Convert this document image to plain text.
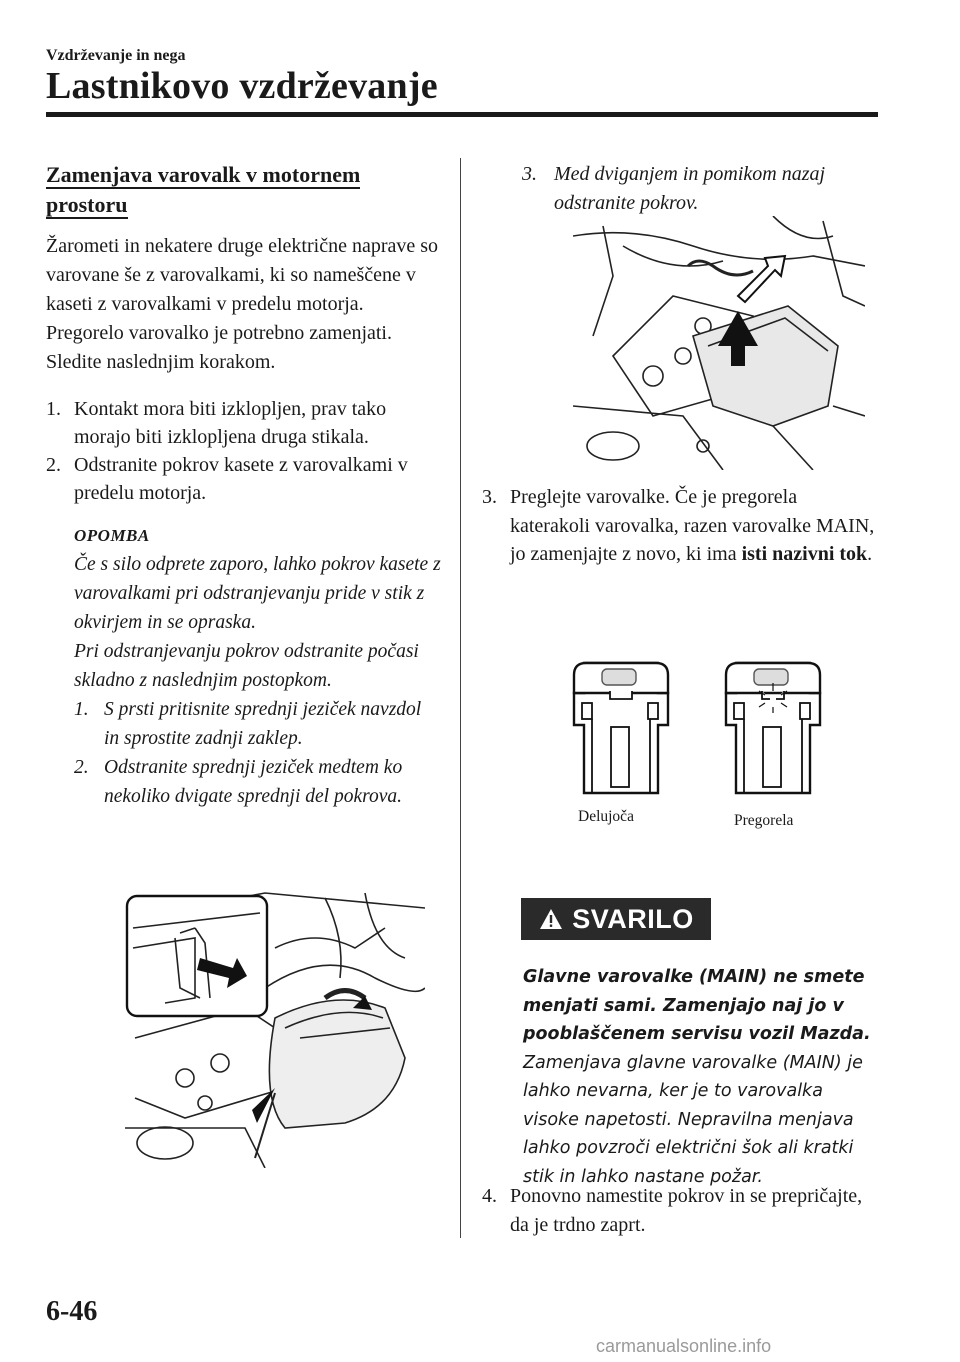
Vzdrževanje in nega
Lastnikovo vzdrževanje
Zamenjava varovalk v motornem
prostoru

Žarometi in nekatere druge električne naprave so varovane še z varovalkami, ki so nameščene v kaseti z varovalkami v predelu motorja. Pregorelo varovalko je potrebno zamenjati. Sledite naslednjim korakom.

1. Kontakt mora biti izklopljen, prav tako morajo biti izklopljena druga stikala.
2. Odstranite pokrov kasete z varovalkami v predelu motorja.
OPOMBA
Če s silo odprete zaporo, lahko pokrov kasete z varovalkami pri odstranjevanju pride v stik z okvirjem in se opraska.
Pri odstranjevanju pokrov odstranite počasi skladno z naslednjim postopkom.
1. S prsti pritisnite sprednji jeziček navzdol in sprostite zadnji zaklep.
2. Odstranite sprednji jeziček medtem ko nekoliko dvigate sprednji del pokrova.
3. Med dviganjem in pomikom nazaj odstranite pokrov.
3. Preglejte varovalke. Če je pregorela katerakoli varovalka, razen varovalke MAIN, jo zamenjajte z novo, ki ima isti nazivni tok.
Delujoča	Pregorela
SVARILO
Glavne varovalke (MAIN) ne smete menjati sami. Zamenjajo naj jo v pooblaščenem servisu vozil Mazda.
Zamenjava glavne varovalke (MAIN) je lahko nevarna, ker je to varovalka visoke napetosti. Nepravilna menjava lahko povzroči električni šok ali kratki stik in lahko nastane požar.
4. Ponovno namestite pokrov in se prepričajte, da je trdno zaprt.
6-46
carmanualsonline.info
